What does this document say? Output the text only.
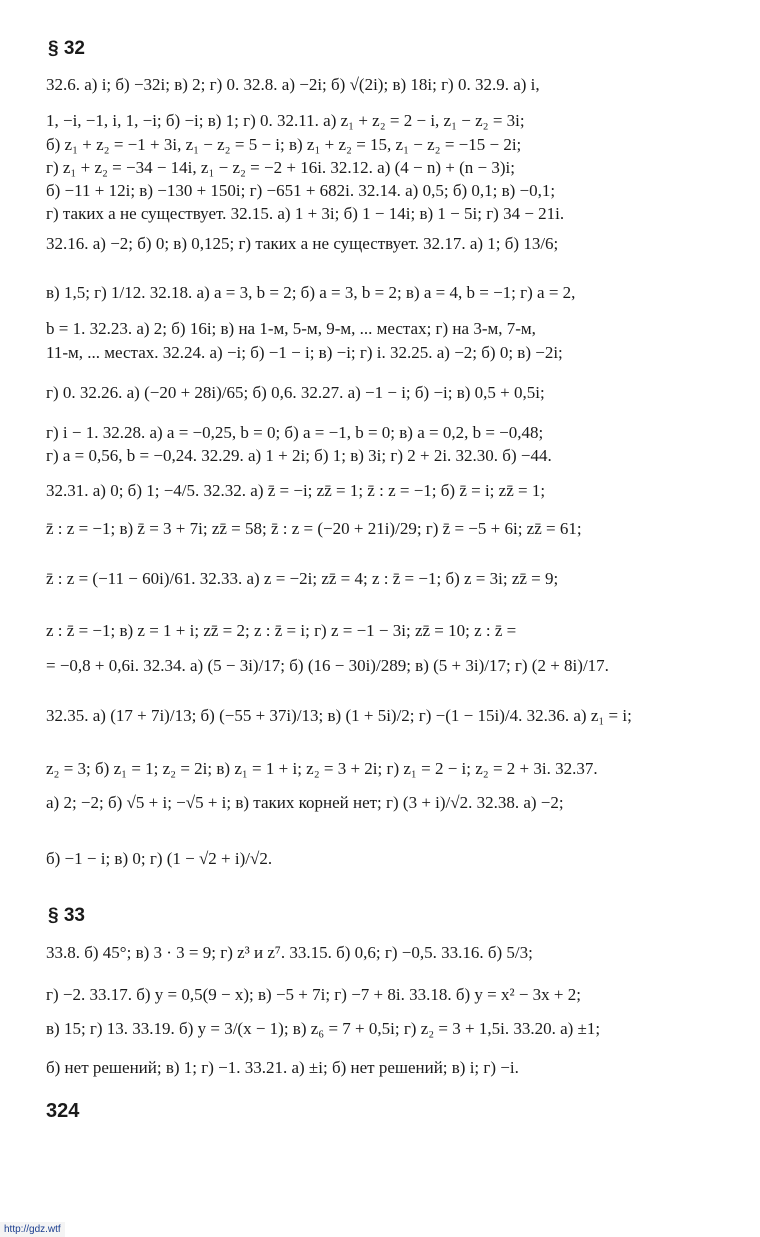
§ 32
32.6. а) i; б) −32i; в) 2; г) 0. 32.8. а) −2i; б) √(2i); в) 18i; г) 0. 32.9. а) i,
1, −i, −1, i, 1, −i; б) −i; в) 1; г) 0. 32.11. а) z₁ + z₂ = 2 − i, z₁ − z₂ = 3i;
б) z₁ + z₂ = −1 + 3i, z₁ − z₂ = 5 − i; в) z₁ + z₂ = 15, z₁ − z₂ = −15 − 2i;
г) z₁ + z₂ = −34 − 14i, z₁ − z₂ = −2 + 16i. 32.12. а) (4 − n) + (n − 3)i;
б) −11 + 12i; в) −130 + 150i; г) −651 + 682i. 32.14. а) 0,5; б) 0,1; в) −0,1;
г) таких a не существует. 32.15. а) 1 + 3i; б) 1 − 14i; в) 1 − 5i; г) 34 − 21i.
32.16. а) −2; б) 0; в) 0,125; г) таких a не существует. 32.17. а) 1; б) 13/6;
в) 1,5; г) 1/12. 32.18. а) a = 3, b = 2; б) a = 3, b = 2; в) a = 4, b = −1; г) a = 2,
b = 1. 32.23. а) 2; б) 16i; в) на 1-м, 5-м, 9-м, ... местах; г) на 3-м, 7-м,
11-м, ... местах. 32.24. а) −i; б) −1 − i; в) −i; г) i. 32.25. а) −2; б) 0; в) −2i;
г) 0. 32.26. а) (−20 + 28i)/65; б) 0,6. 32.27. а) −1 − i; б) −i; в) 0,5 + 0,5i;
г) i − 1. 32.28. а) a = −0,25, b = 0; б) a = −1, b = 0; в) a = 0,2, b = −0,48;
г) a = 0,56, b = −0,24. 32.29. а) 1 + 2i; б) 1; в) 3i; г) 2 + 2i. 32.30. б) −44.
32.31. а) 0; б) 1; −4/5. 32.32. а) z̄ = −i; zz̄ = 1; z̄ : z = −1; б) z̄ = i; zz̄ = 1;
z̄ : z = −1; в) z̄ = 3 + 7i; zz̄ = 58; z̄ : z = (−20 + 21i)/29; г) z̄ = −5 + 6i; zz̄ = 61;
z̄ : z = (−11 − 60i)/61. 32.33. а) z = −2i; zz̄ = 4; z : z̄ = −1; б) z = 3i; zz̄ = 9;
z : z̄ = −1; в) z = 1 + i; zz̄ = 2; z : z̄ = i; г) z = −1 − 3i; zz̄ = 10; z : z̄ =
= −0,8 + 0,6i. 32.34. а) (5 − 3i)/17; б) (16 − 30i)/289; в) (5 + 3i)/17; г) (2 + 8i)/17.
32.35. а) (17 + 7i)/13; б) (−55 + 37i)/13; в) (1 + 5i)/2; г) −(1 − 15i)/4. 32.36. а) z₁ = i;
z₂ = 3; б) z₁ = 1; z₂ = 2i; в) z₁ = 1 + i; z₂ = 3 + 2i; г) z₁ = 2 − i; z₂ = 2 + 3i. 32.37.
а) 2; −2; б) √5 + i; −√5 + i; в) таких корней нет; г) (3 + i)/√2. 32.38. а) −2;
б) −1 − i; в) 0; г) (1 − √2 + i)/√2.
§ 33
33.8. б) 45°; в) 3 · 3 = 9; г) z³ и z⁷. 33.15. б) 0,6; г) −0,5. 33.16. б) 5/3;
г) −2. 33.17. б) y = 0,5(9 − x); в) −5 + 7i; г) −7 + 8i. 33.18. б) y = x² − 3x + 2;
в) 15; г) 13. 33.19. б) y = 3/(x − 1); в) z₆ = 7 + 0,5i; г) z₂ = 3 + 1,5i. 33.20. а) ±1;
б) нет решений; в) 1; г) −1. 33.21. а) ±i; б) нет решений; в) i; г) −i.
324
http://gdz.wtf
